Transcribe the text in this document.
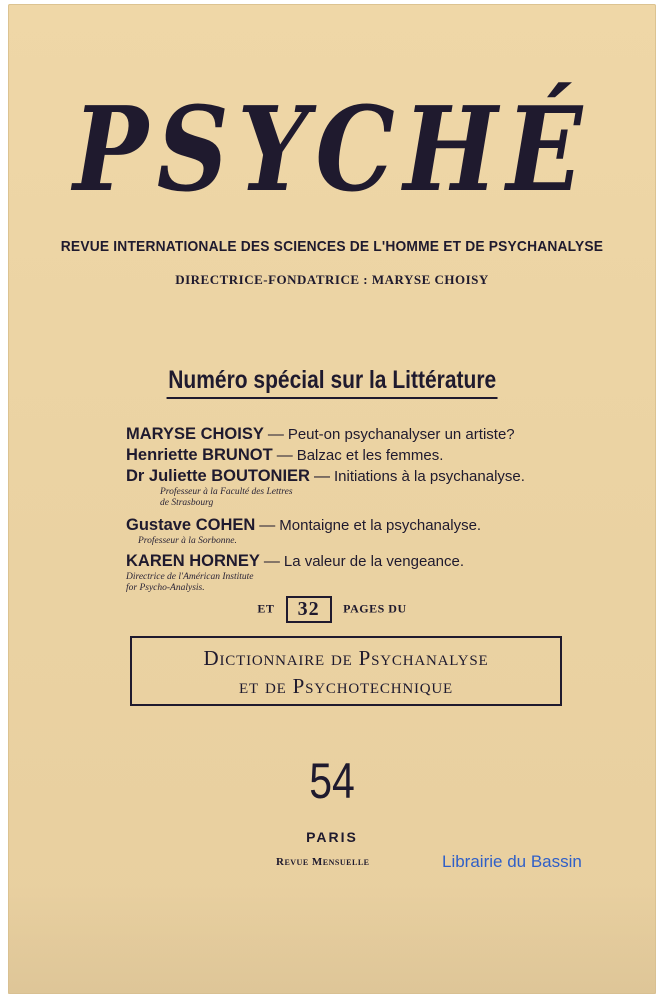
PSYCHÉ
REVUE INTERNATIONALE DES SCIENCES DE L'HOMME ET DE PSYCHANALYSE
DIRECTRICE-FONDATRICE : MARYSE CHOISY
Numéro spécial sur la Littérature
MARYSE CHOISY — Peut-on psychanalyser un artiste?
Henriette BRUNOT — Balzac et les femmes.
Dr Juliette BOUTONIER — Initiations à la psychanalyse.
Professeur à la Faculté des Lettres
de Strasbourg
Gustave COHEN — Montaigne et la psychanalyse.
Professeur à la Sorbonne.
KAREN HORNEY — La valeur de la vengeance.
Directrice de l'Américan Institute
for Psycho-Analysis.
ET 32 PAGES DU
Dictionnaire de Psychanalyse
et de Psychotechnique
54
PARIS
Revue Mensuelle	Librairie du Bassin
